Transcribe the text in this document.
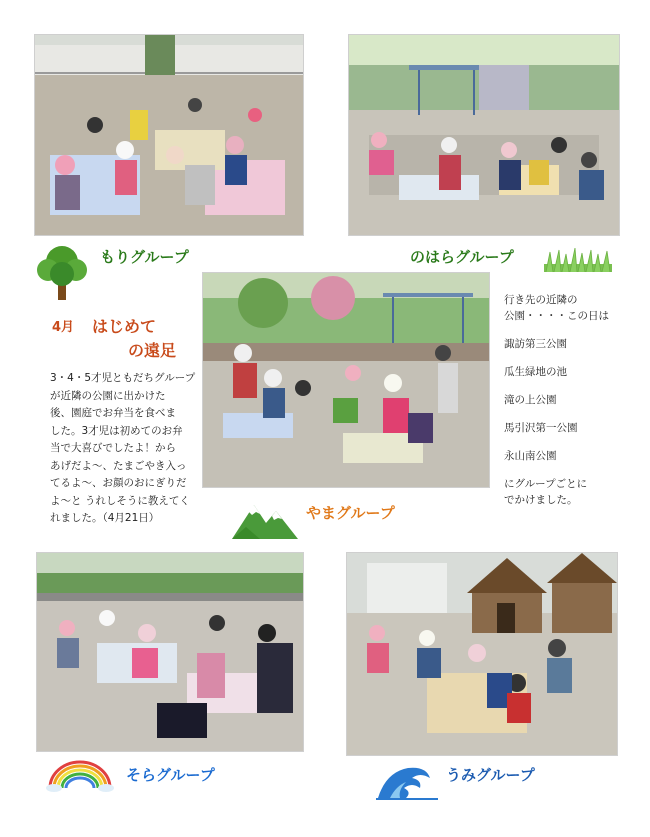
もりグループ	のはらグループ
4月 はじめて
の遠足
3・4・5才児ともだちグループ
が近隣の公園に出かけた
後、園庭でお弁当を食べま
した。3才児は初めてのお弁
当で大喜びでしたよ！から
あげだよ～、たまごやき入っ
てるよ～、お顔のおにぎりだ
よ～と うれしそうに教えてく
れました。（4月21日）
行き先の近隣の
公園・・・・この日は
諏訪第三公園
瓜生緑地の池
滝の上公園
馬引沢第一公園
永山南公園
にグループごとに
でかけました。
やまグループ
そらグループ	うみグループ
